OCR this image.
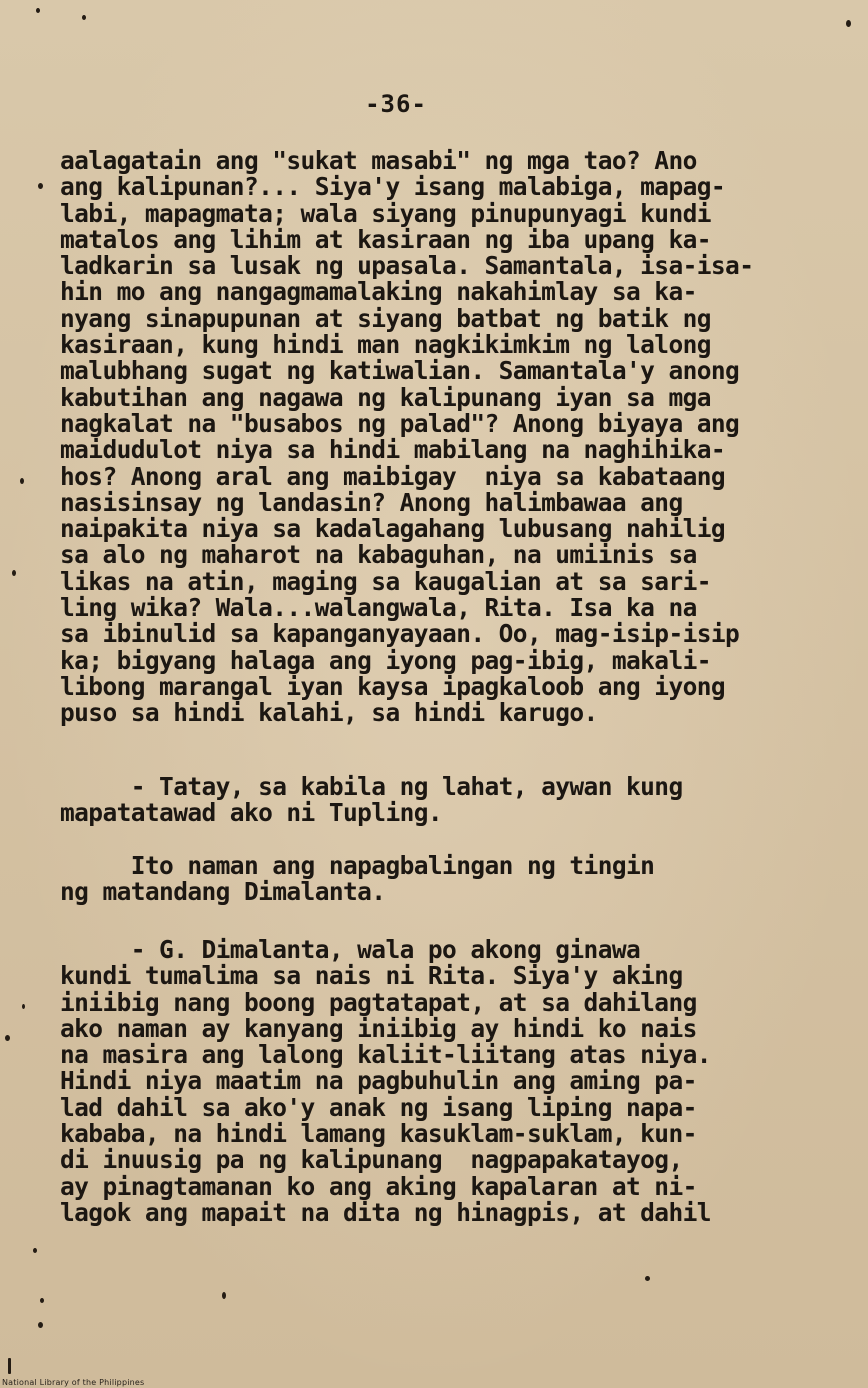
-36-
aalagatain ang "sukat masabi" ng mga tao? Ano
ang kalipunan?... Siya'y isang malabiga, mapag-
labi, mapagmata; wala siyang pinupunyagi kundi
matalos ang lihim at kasiraan ng iba upang ka-
ladkarin sa lusak ng upasala. Samantala, isa-isa-
hin mo ang nangagmamalaking nakahimlay sa ka-
nyang sinapupunan at siyang batbat ng batik ng
kasiraan, kung hindi man nagkikimkim ng lalong
malubhang sugat ng katiwalian. Samantala'y anong
kabutihan ang nagawa ng kalipunang iyan sa mga
nagkalat na "busabos ng palad"? Anong biyaya ang
maidudulot niya sa hindi mabilang na naghihika-
hos? Anong aral ang maibigay  niya sa kabataang
nasisinsay ng landasin? Anong halimbawaa ang
naipakita niya sa kadalagahang lubusang nahilig
sa alo ng maharot na kabaguhan, na umiinis sa
likas na atin, maging sa kaugalian at sa sari-
ling wika? Wala...walangwala, Rita. Isa ka na
sa ibinulid sa kapanganyayaan. Oo, mag-isip-isip
ka; bigyang halaga ang iyong pag-ibig, makali-
libong marangal iyan kaysa ipagkaloob ang iyong
puso sa hindi kalahi, sa hindi karugo.
- Tatay, sa kabila ng lahat, aywan kung
mapatatawad ako ni Tupling.
Ito naman ang napagbalingan ng tingin
ng matandang Dimalanta.
- G. Dimalanta, wala po akong ginawa
kundi tumalima sa nais ni Rita. Siya'y aking
iniibig nang boong pagtatapat, at sa dahilang
ako naman ay kanyang iniibig ay hindi ko nais
na masira ang lalong kaliit-liitang atas niya.
Hindi niya maatim na pagbuhulin ang aming pa-
lad dahil sa ako'y anak ng isang liping napa-
kababa, na hindi lamang kasuklam-suklam, kun-
di inuusig pa ng kalipunang  nagpapakatayog,
ay pinagtamanan ko ang aking kapalaran at ni-
lagok ang mapait na dita ng hinagpis, at dahil
National Library of the Philippines
